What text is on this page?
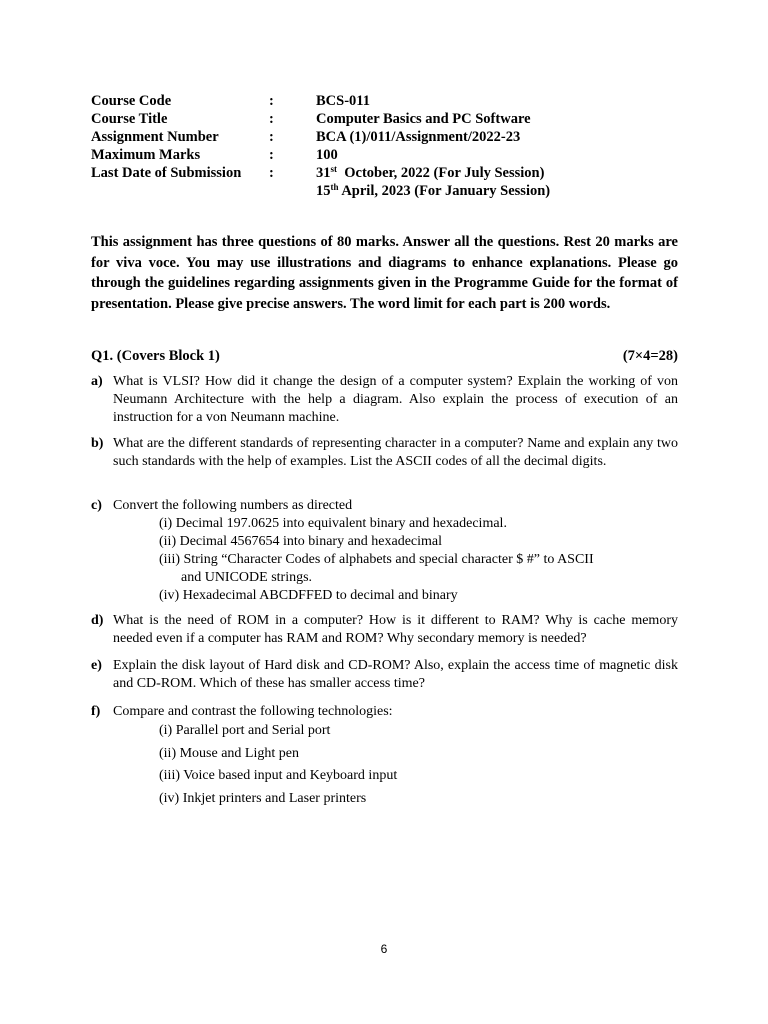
Course Code	:	BCS-011
Course Title	:	Computer Basics and PC Software
Assignment Number	:	BCA (1)/011/Assignment/2022-23
Maximum Marks	:	100
Last Date of Submission :	31st  October, 2022 (For July Session)
15th April, 2023 (For January Session)
This assignment has three questions of 80 marks. Answer all the questions. Rest 20 marks are for viva voce. You may use illustrations and diagrams to enhance explanations. Please go through the guidelines regarding assignments given in the Programme Guide for the format of presentation. Please give precise answers. The word limit for each part is 200 words.
Q1. (Covers Block 1)	(7×4=28)
a) What is VLSI? How did it change the design of a computer system? Explain the working of von Neumann Architecture with the help a diagram. Also explain the process of execution of an instruction for a von Neumann machine.
b) What are the different standards of representing character in a computer? Name and explain any two such standards with the help of examples. List the ASCII codes of all the decimal digits.
c) Convert the following numbers as directed
(i) Decimal 197.0625 into equivalent binary and hexadecimal.
(ii) Decimal 4567654 into binary and hexadecimal
(iii) String “Character Codes of alphabets and special character $ #” to ASCII
and UNICODE strings.
(iv) Hexadecimal ABCDFFED to decimal and binary
d) What is the need of ROM in a computer? How is it different to RAM? Why is cache memory needed even if a computer has RAM and ROM? Why secondary memory is needed?
e) Explain the disk layout of Hard disk and CD-ROM? Also, explain the access time of magnetic disk and CD-ROM. Which of these has smaller access time?
f) Compare and contrast the following technologies:
(i) Parallel port and Serial port
(ii) Mouse and Light pen
(iii) Voice based input and Keyboard input
(iv) Inkjet printers and Laser printers
6
